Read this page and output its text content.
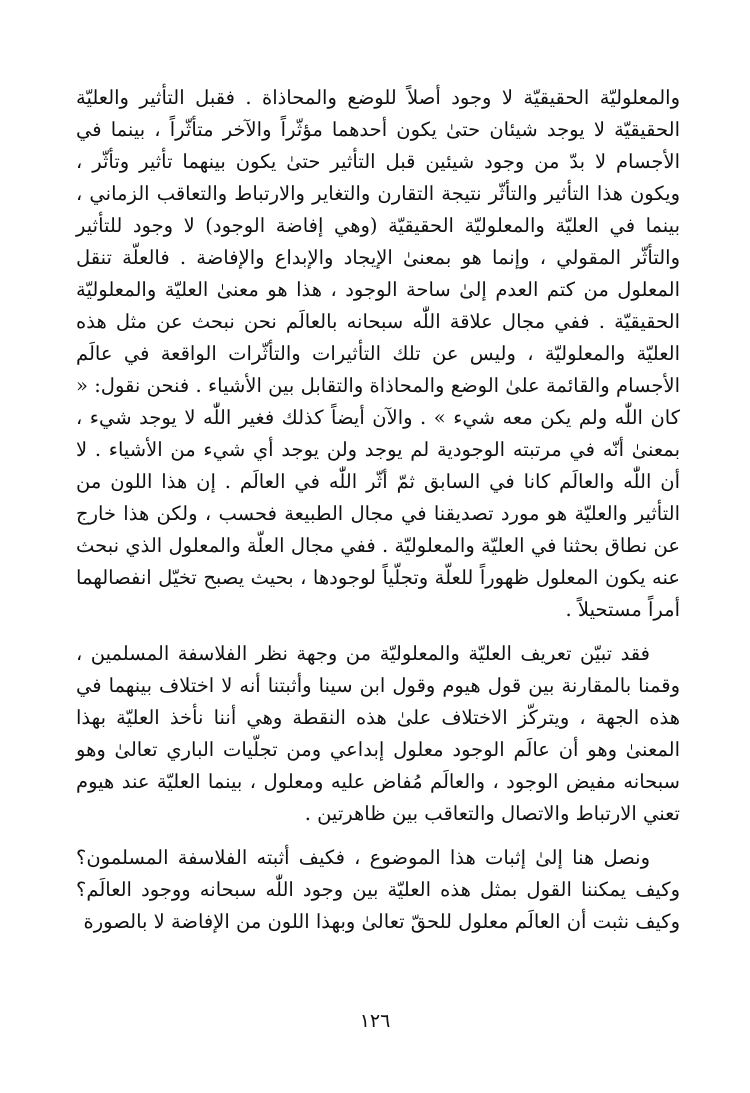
والمعلوليّة الحقيقيّة لا وجود أصلاً للوضع والمحاذاة . فقبل التأثير والعليّة الحقيقيّة لا يوجد شيئان حتىٰ يكون أحدهما مؤثّراً والآخر متأثّراً ، بينما في الأجسام لا بدّ من وجود شيئين قبل التأثير حتىٰ يكون بينهما تأثير وتأثّر ، ويكون هذا التأثير والتأثّر نتيجة التقارن والتغاير والارتباط والتعاقب الزماني ، بينما في العليّة والمعلوليّة الحقيقيّة (وهي إفاضة الوجود) لا وجود للتأثير والتأثّر المقولي ، وإنما هو بمعنىٰ الإيجاد والإبداع والإفاضة . فالعلّة تنقل المعلول من كتم العدم إلىٰ ساحة الوجود ، هذا هو معنىٰ العليّة والمعلوليّة الحقيقيّة . ففي مجال علاقة اللّٰه سبحانه بالعالَم نحن نبحث عن مثل هذه العليّة والمعلوليّة ، وليس عن تلك التأثيرات والتأثّرات الواقعة في عالَم الأجسام والقائمة علىٰ الوضع والمحاذاة والتقابل بين الأشياء . فنحن نقول: « كان اللّٰه ولم يكن معه شيء » . والآن أيضاً كذلك فغير اللّٰه لا يوجد شيء ، بمعنىٰ أنّه في مرتبته الوجودية لم يوجد ولن يوجد أي شيء من الأشياء . لا أن اللّٰه والعالَم كانا في السابق ثمّ أثّر اللّٰه في العالَم . إن هذا اللون من التأثير والعليّة هو مورد تصديقنا في مجال الطبيعة فحسب ، ولكن هذا خارج عن نطاق بحثنا في العليّة والمعلوليّة . ففي مجال العلّة والمعلول الذي نبحث عنه يكون المعلول ظهوراً للعلّة وتجلّياً لوجودها ، بحيث يصبح تخيّل انفصالهما أمراً مستحيلاً .

فقد تبيّن تعريف العليّة والمعلوليّة من وجهة نظر الفلاسفة المسلمين ، وقمنا بالمقارنة بين قول هيوم وقول ابن سينا وأثبتنا أنه لا اختلاف بينهما في هذه الجهة ، ويتركّز الاختلاف علىٰ هذه النقطة وهي أننا نأخذ العليّة بهذا المعنىٰ وهو أن عالَم الوجود معلول إبداعي ومن تجلّيات الباري تعالىٰ وهو سبحانه مفيض الوجود ، والعالَم مُفاض عليه ومعلول ، بينما العليّة عند هيوم تعني الارتباط والاتصال والتعاقب بين ظاهرتين .

ونصل هنا إلىٰ إثبات هذا الموضوع ، فكيف أثبته الفلاسفة المسلمون؟ وكيف يمكننا القول بمثل هذه العليّة بين وجود اللّٰه سبحانه ووجود العالَم؟ وكيف نثبت أن العالَم معلول للحقّ تعالىٰ وبهذا اللون من الإفاضة لا بالصورة

١٢٦
